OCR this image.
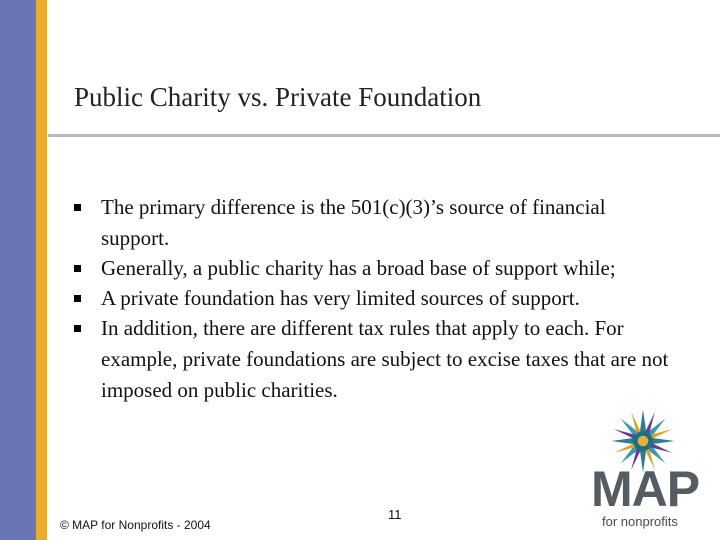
Public Charity vs. Private Foundation
The primary difference is the 501(c)(3)’s source of financial support.
Generally, a public charity has a broad base of support while;
A private foundation has very limited sources of support.
In addition, there are different tax rules that apply to each. For example, private foundations are subject to excise taxes that are not imposed on public charities.
11
© MAP for Nonprofits - 2004
MAP
for nonprofits
